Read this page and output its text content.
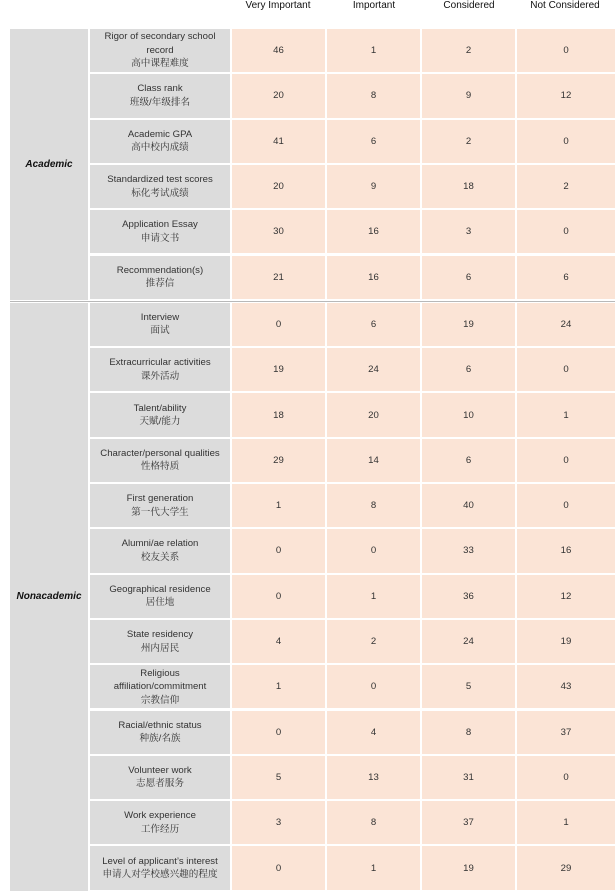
Very Important	Important	Considered	Not Considered
Academic
Rigor of secondary school record
高中课程难度
46	1	2	0
Class rank
班级/年级排名
20	8	9	12
Academic GPA
高中校内成绩
41	6	2	0
Standardized test scores
标化考试成绩
20	9	18	2
Application Essay
申请文书
30	16	3	0
Recommendation(s)
推荐信
21	16	6	6
Nonacademic
Interview
面试
0	6	19	24
Extracurricular activities
课外活动
19	24	6	0
Talent/ability
天赋/能力
18	20	10	1
Character/personal qualities
性格特质
29	14	6	0
First generation
第一代大学生
1	8	40	0
Alumni/ae relation
校友关系
0	0	33	16
Geographical residence
居住地
0	1	36	12
State residency
州内居民
4	2	24	19
Religious affiliation/commitment
宗教信仰
1	0	5	43
Racial/ethnic status
种族/名族
0	4	8	37
Volunteer work
志愿者服务
5	13	31	0
Work experience
工作经历
3	8	37	1
Level of applicant’s interest
申请人对学校感兴趣的程度
0	1	19	29
